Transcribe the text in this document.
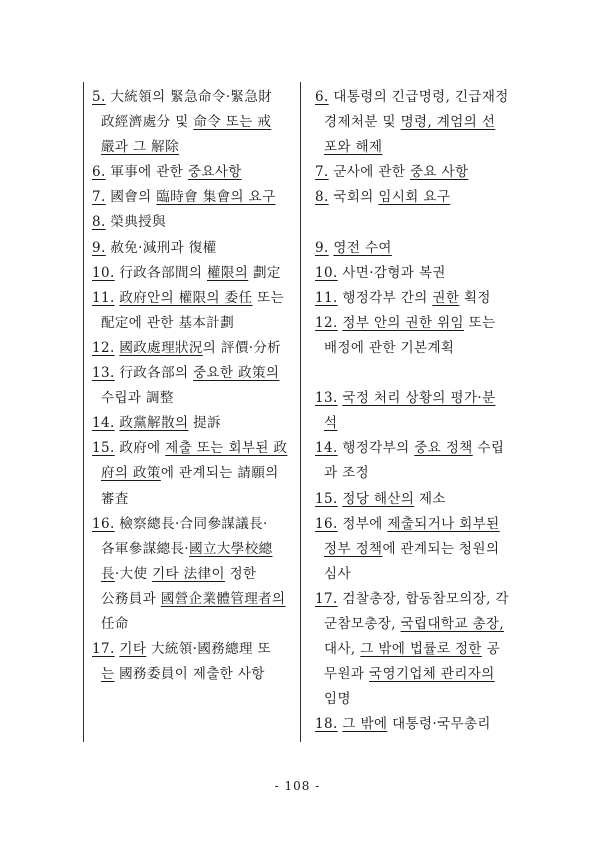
5. 大統領의 緊急命令·緊急財
政經濟處分 및 命令 또는 戒
嚴과 그 解除
6. 軍事에 관한 중요사항
7. 國會의 臨時會 集會의 요구
8. 榮典授與
9. 赦免·減刑과 復權
10. 行政各部間의 權限의 劃定
11. 政府안의 權限의 委任 또는
配定에 관한 基本計劃
12. 國政處理狀況의 評價·分析
13. 行政各部의 중요한 政策의
수립과 調整
14. 政黨解散의 提訴
15. 政府에 제출 또는 회부된 政
府의 政策에 관계되는 請願의
審査
16. 檢察總長·合同參謀議長·
各軍參謀總長·國立大學校總
長·大使 기타 法律이 정한
公務員과 國營企業體管理者의
任命
17. 기타 大統領·國務總理 또
는 國務委員이 제출한 사항
6. 대통령의 긴급명령, 긴급재정
경제처분 및 명령, 계엄의 선
포와 해제
7. 군사에 관한 중요 사항
8. 국회의 임시회 요구
9. 영전 수여
10. 사면·감형과 복권
11. 행정각부 간의 권한 획정
12. 정부 안의 권한 위임 또는
배정에 관한 기본계획
13. 국정 처리 상황의 평가·분
석
14. 행정각부의 중요 정책 수립
과 조정
15. 정당 해산의 제소
16. 정부에 제출되거나 회부된
정부 정책에 관계되는 청원의
심사
17. 검찰총장, 합동참모의장, 각
군참모총장, 국립대학교 총장,
대사, 그 밖에 법률로 정한 공
무원과 국영기업체 관리자의
임명
18. 그 밖에 대통령·국무총리
- 108 -
